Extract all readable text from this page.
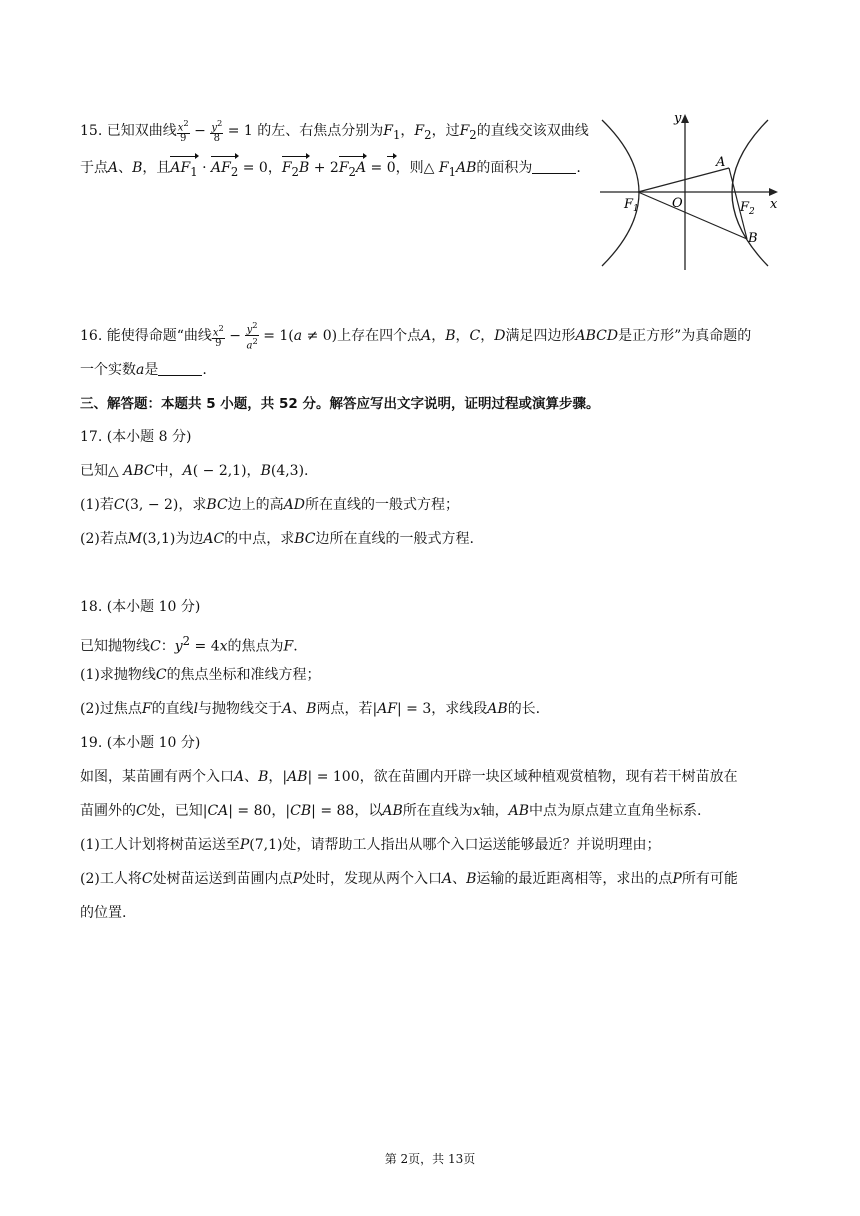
15. 已知双曲线 $\frac{x^2}{9} - \frac{y^2}{8} = 1$ 的左、右焦点分别为$F_1$，$F_2$，过$F_2$的直线交该双曲线
于点A、B，且$AF_1 \cdot AF_2 = 0$，$F_2B + 2F_2A = 0$，则△ $F_1AB$的面积为	.
y
x
A
B
O
$F_1$	$F_2$
16. 能使得命题“曲线 $\frac{x^2}{9} - \frac{y^2}{a^2} = 1(a \ne 0)$上存在四个点A，B，C，D满足四边形ABCD是正方形”为真命题的
一个实数a是	.
三、解答题：本题共 5 小题，共 52 分。解答应写出文字说明，证明过程或演算步骤。
17. (本小题 8 分)
已知△ ABC中，A( − 2,1)，B(4,3).
(1)若C(3, − 2)，求BC边上的高AD所在直线的一般式方程；
(2)若点M(3,1)为边AC的中点，求BC边所在直线的一般式方程.
18. (本小题 10 分)
已知抛物线C：$y^2 = 4x$的焦点为F.
(1)求抛物线C的焦点坐标和准线方程；
(2)过焦点F的直线l与抛物线交于A、B两点，若|AF| = 3，求线段AB的长.
19. (本小题 10 分)
如图，某苗圃有两个入口A、B，|AB| = 100，欲在苗圃内开辟一块区域种植观赏植物，现有若干树苗放在
苗圃外的C处，已知|CA| = 80，|CB| = 88，以AB所在直线为x轴，AB中点为原点建立直角坐标系.
(1)工人计划将树苗运送至P(7,1)处，请帮助工人指出从哪个入口运送能够最近？并说明理由；
(2)工人将C处树苗运送到苗圃内点P处时，发现从两个入口A、B运输的最近距离相等，求出的点P所有可能
的位置.
第 2页，共 13页
